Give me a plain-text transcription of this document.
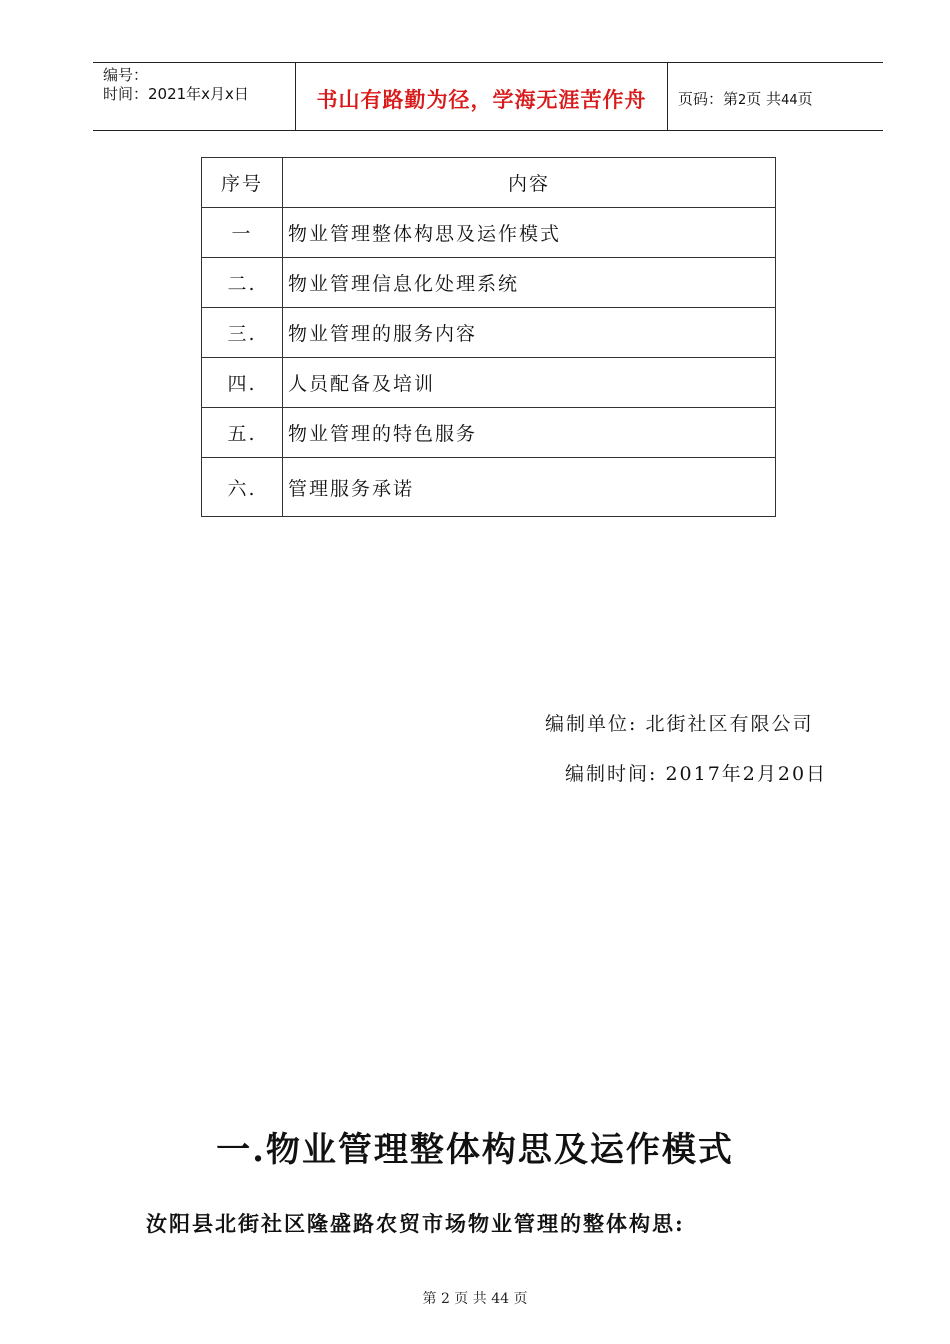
编号：
时间：2021年x月x日	书山有路勤为径，学海无涯苦作舟	页码：第2页 共44页
序号	内容
一	物业管理整体构思及运作模式
二.	物业管理信息化处理系统
三.	物业管理的服务内容
四.	人员配备及培训
五.	物业管理的特色服务
六.	管理服务承诺
编制单位: 北街社区有限公司
编制时间: 2017年2月20日
一.物业管理整体构思及运作模式
汝阳县北街社区隆盛路农贸市场物业管理的整体构思:
第 2 页 共 44 页
